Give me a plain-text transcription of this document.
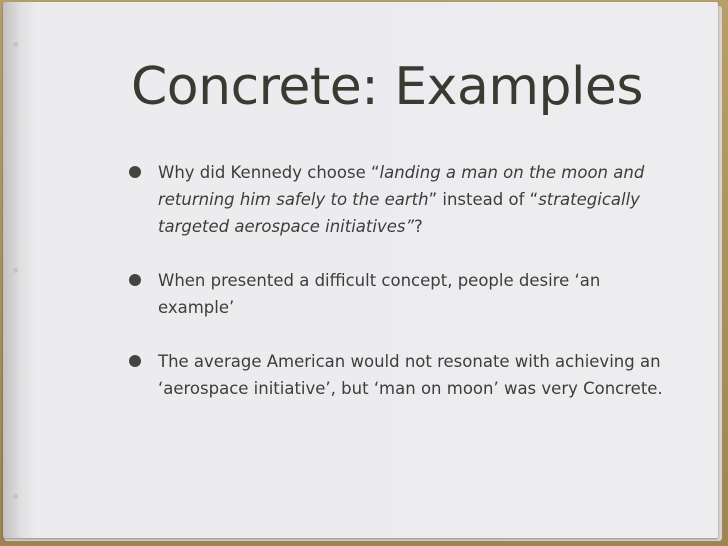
Concrete: Examples
Why did Kennedy choose “landing a man on the moon and returning him safely to the earth” instead of “strategically targeted aerospace initiatives”?
When presented a difficult concept, people desire ‘an example’
The average American would not resonate with achieving an ‘aerospace initiative’, but ‘man on moon’ was very Concrete.
